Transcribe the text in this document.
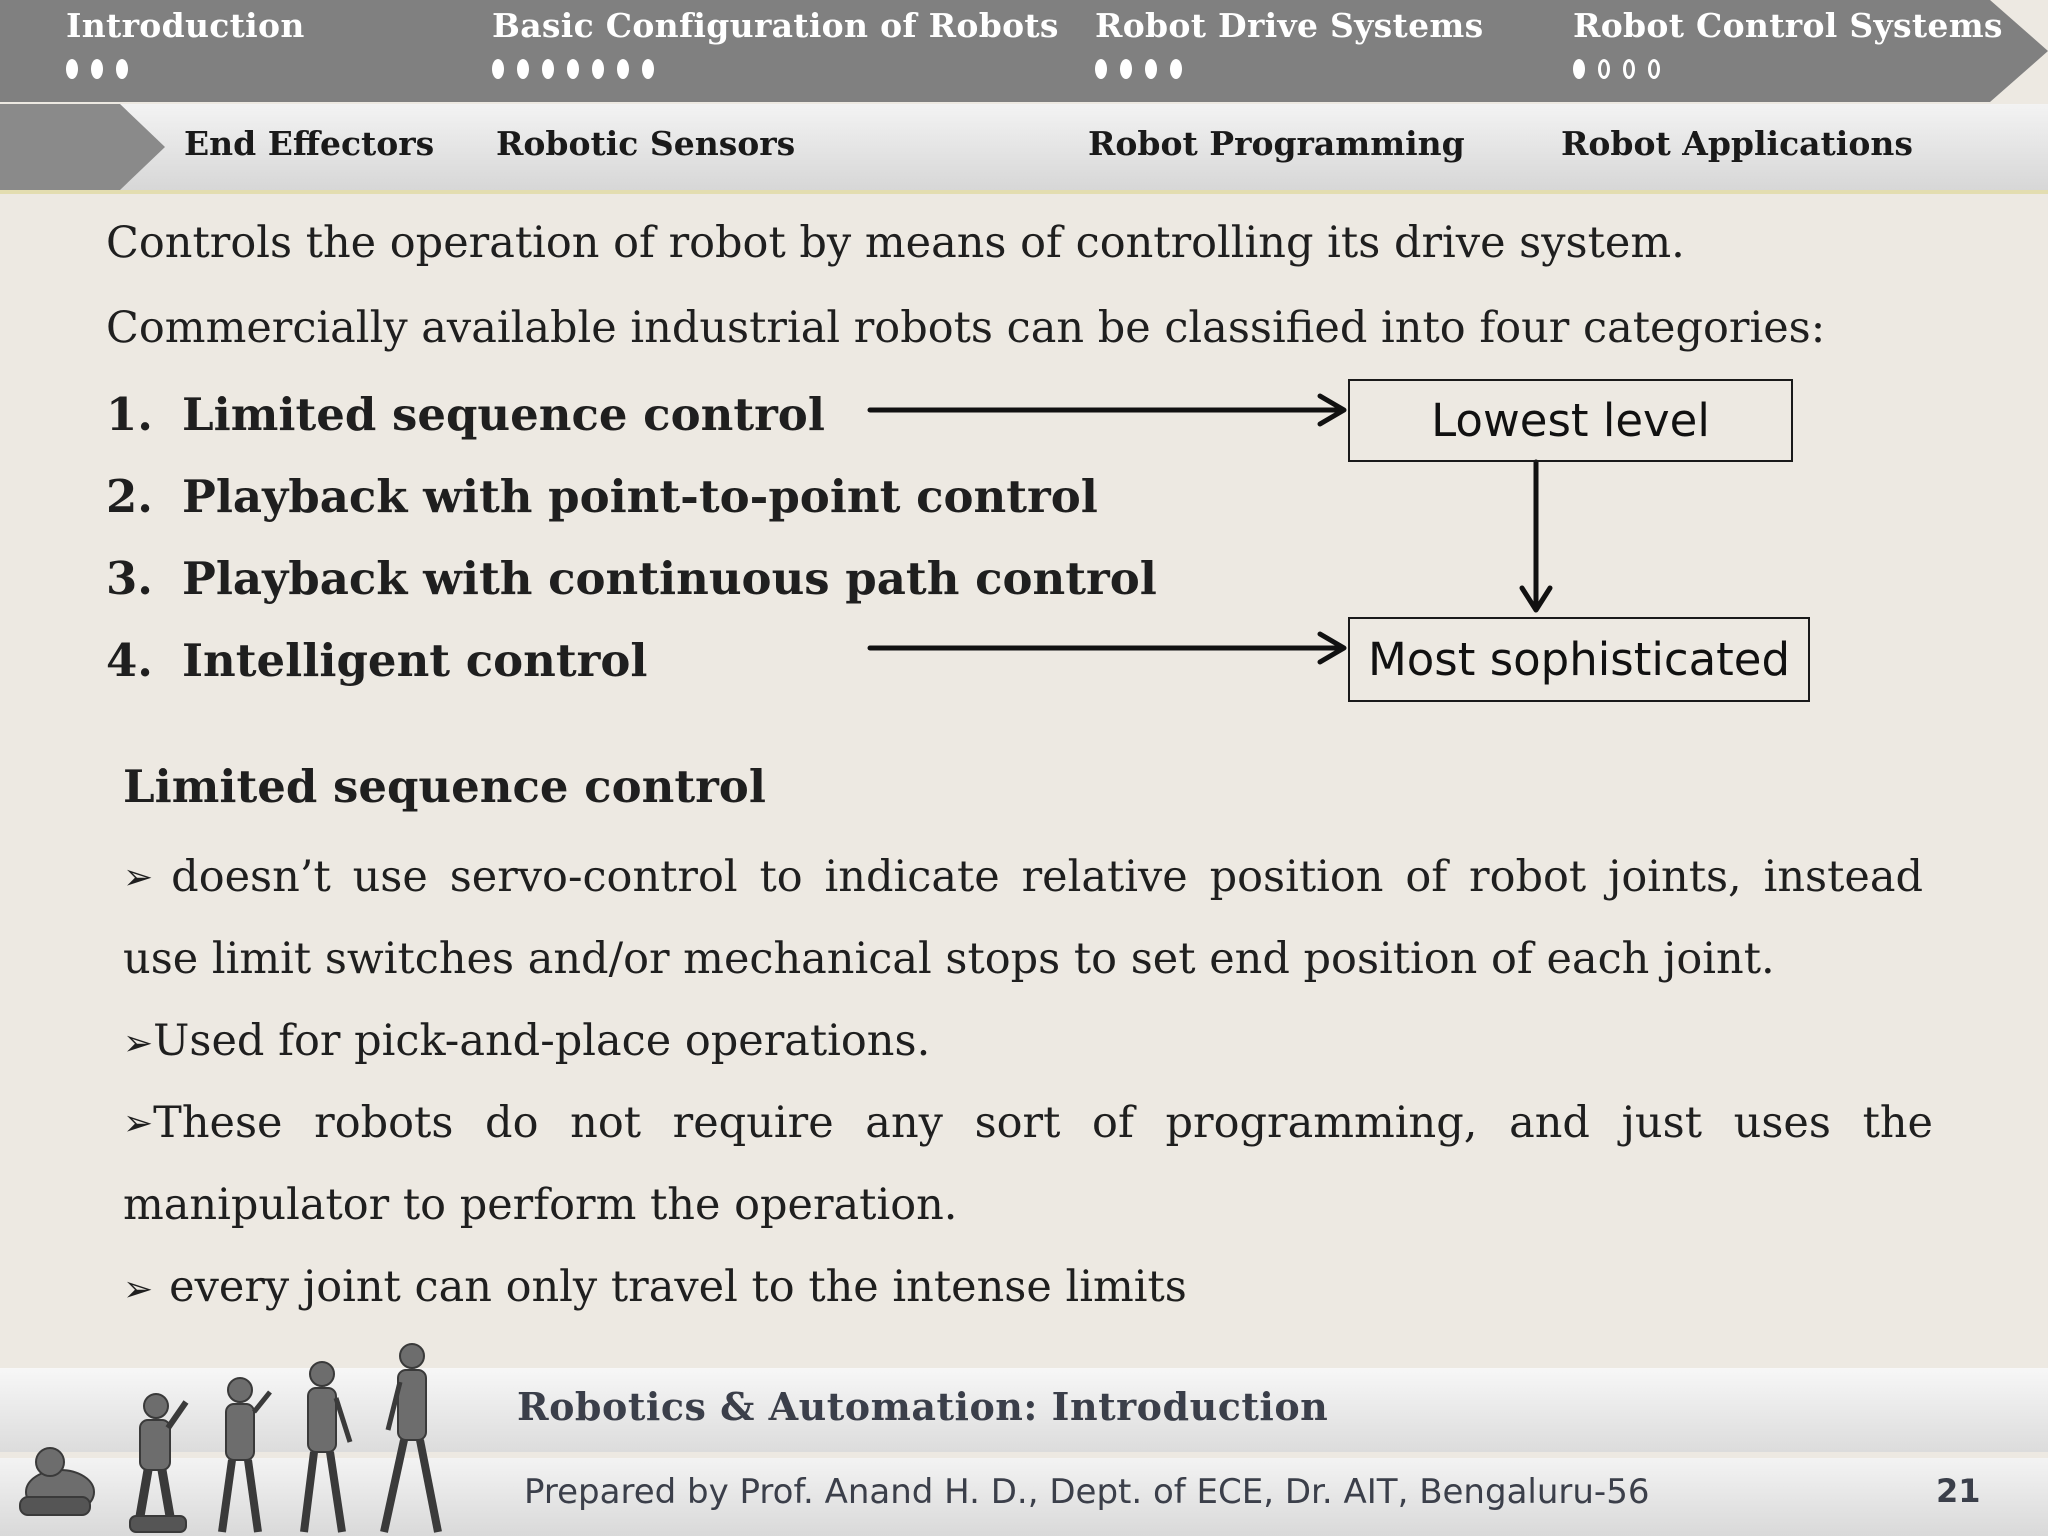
Introduction	Basic Configuration of Robots Robot Drive Systems	Robot Control Systems
End Effectors Robotic Sensors	Robot Programming	Robot Applications
Controls the operation of robot by means of controlling its drive system.
Commercially available industrial robots can be classified into four categories:
1. Limited sequence control
2. Playback with point-to-point control
3. Playback with continuous path control
4. Intelligent control
Lowest level
Most sophisticated
Limited sequence control
➢ doesn’t use servo-control to indicate relative position of robot joints, instead
use limit switches and/or mechanical stops to set end position of each joint.
➢Used for pick-and-place operations.
➢ These robots do not require any sort of programming, and just uses the
manipulator to perform the operation.
➢ every joint can only travel to the intense limits
Robotics & Automation: Introduction
Prepared by Prof. Anand H. D., Dept. of ECE, Dr. AIT, Bengaluru-56	21
